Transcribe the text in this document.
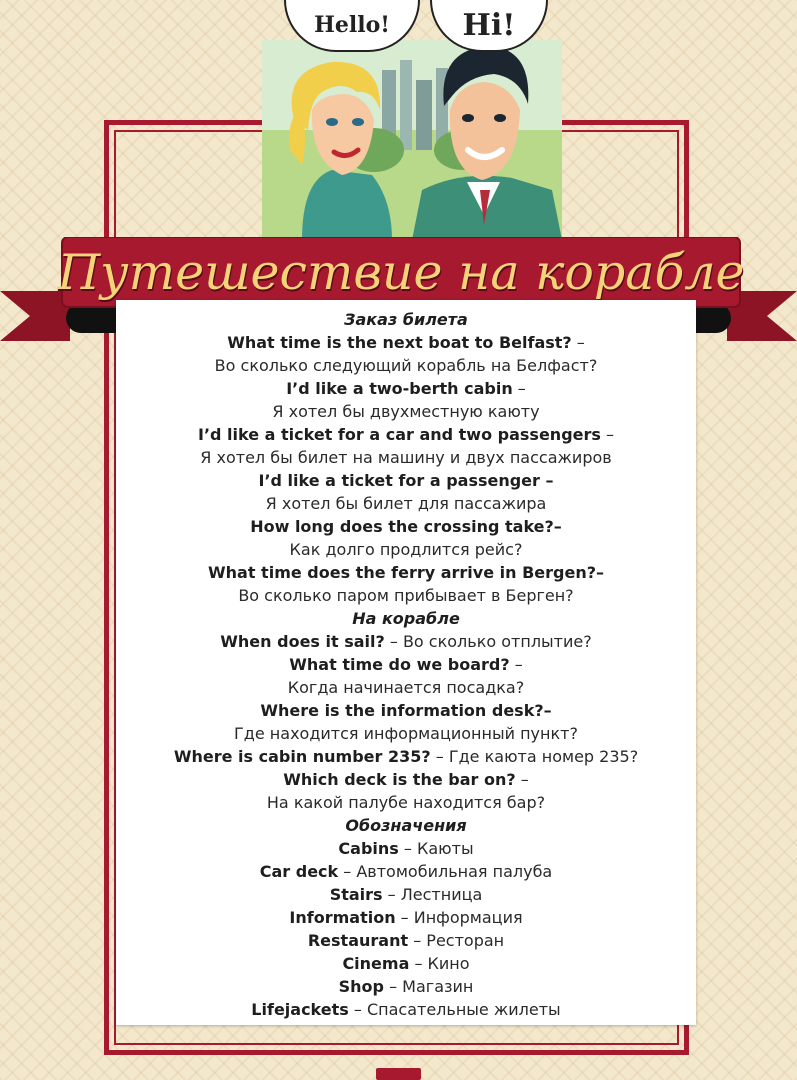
Hello!	Hi!
Путешествие на корабле
Заказ билета
What time is the next boat to Belfast? –
Во сколько следующий корабль на Белфаст?
I’d like a two-berth cabin –
Я хотел бы двухместную каюту
I’d like a ticket for a car and two passengers –
Я хотел бы билет на машину и двух пассажиров
I’d like a ticket for a passenger –
Я хотел бы билет для пассажира
How long does the crossing take?–
Как долго продлится рейс?
What time does the ferry arrive in Bergen?–
Во сколько паром прибывает в Берген?
На корабле
When does it sail? – Во сколько отплытие?
What time do we board? –
Когда начинается посадка?
Where is the information desk?–
Где находится информационный пункт?
Where is cabin number 235? – Где каюта номер 235?
Which deck is the bar on? –
На какой палубе находится бар?
Обозначения
Cabins – Каюты
Car deck – Автомобильная палуба
Stairs – Лестница
Information – Информация
Restaurant – Ресторан
Cinema – Кино
Shop – Магазин
Lifejackets – Спасательные жилеты
